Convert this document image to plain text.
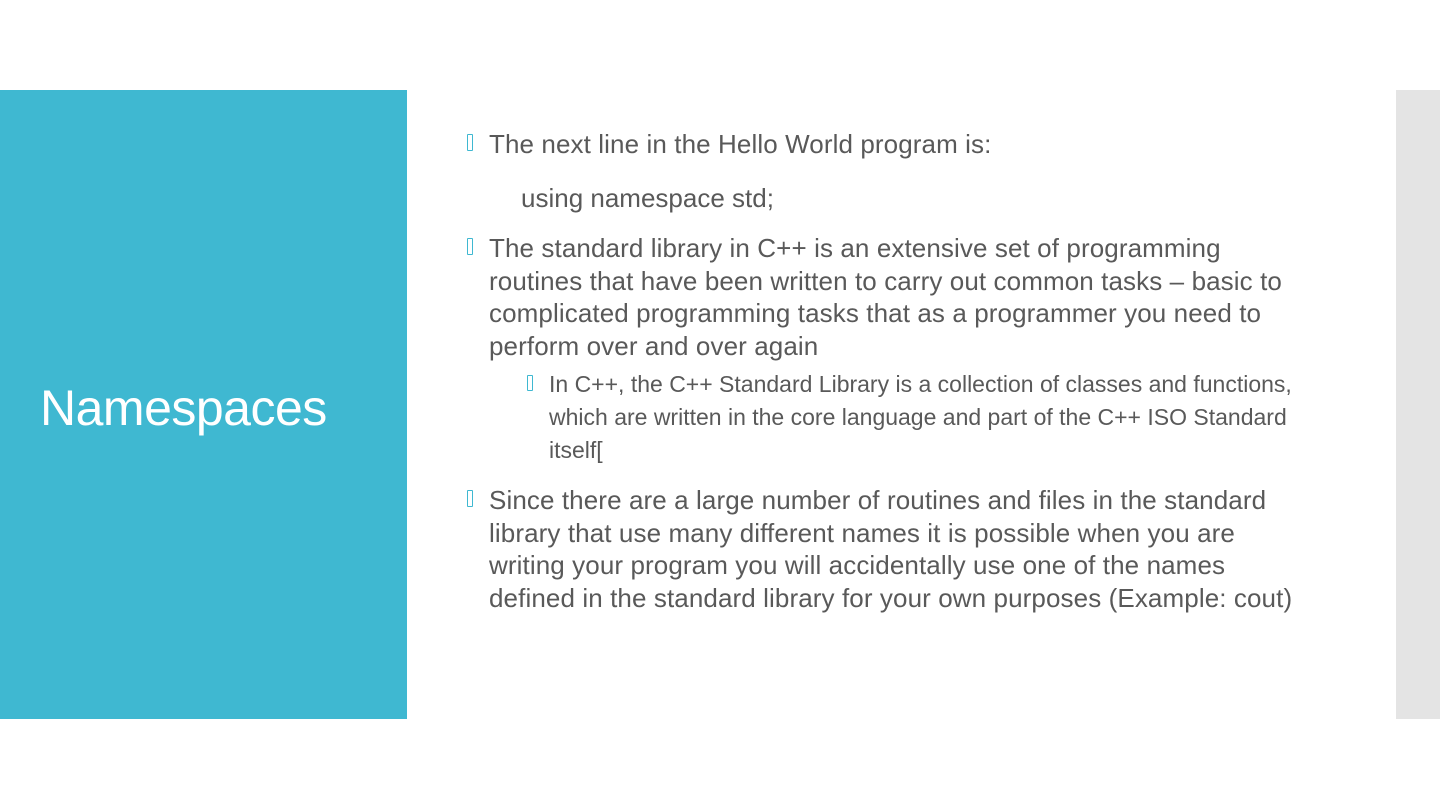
Namespaces
The next line in the Hello World program is:
using namespace std;
The standard library in C++ is an extensive set of programming routines that have been written to carry out common tasks – basic to complicated programming tasks that as a programmer you need to perform over and over again
In C++, the C++ Standard Library is a collection of classes and functions, which are written in the core language and part of the C++ ISO Standard itself[
Since there are a large number of routines and files in the standard library that use many different names it is possible when you are writing your program you will accidentally use one of the names defined in the standard library for your own purposes (Example: cout)
